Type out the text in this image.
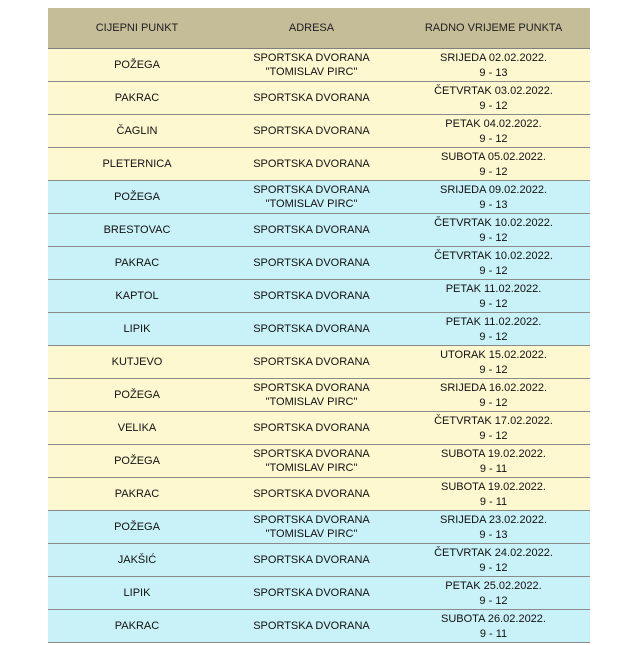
CIJEPNI PUNKT	ADRESA	RADNO VRIJEME PUNKTA
POŽEGA	SPORTSKA DVORANA "TOMISLAV PIRC"	SRIJEDA 02.02.2022.
9 - 13

PAKRAC	SPORTSKA DVORANA	ČETVRTAK 03.02.2022.
9 - 12

ČAGLIN	SPORTSKA DVORANA	PETAK 04.02.2022.
9 - 12

PLETERNICA	SPORTSKA DVORANA	SUBOTA 05.02.2022.
9 - 12

POŽEGA	SPORTSKA DVORANA "TOMISLAV PIRC"	SRIJEDA 09.02.2022.
9 - 13

BRESTOVAC	SPORTSKA DVORANA	ČETVRTAK 10.02.2022.
9 - 12

PAKRAC	SPORTSKA DVORANA	ČETVRTAK 10.02.2022.
9 - 12

KAPTOL	SPORTSKA DVORANA	PETAK 11.02.2022.
9 - 12

LIPIK	SPORTSKA DVORANA	PETAK 11.02.2022.
9 - 12

KUTJEVO	SPORTSKA DVORANA	UTORAK 15.02.2022.
9 - 12

POŽEGA	SPORTSKA DVORANA "TOMISLAV PIRC"	SRIJEDA 16.02.2022.
9 - 12

VELIKA	SPORTSKA DVORANA	ČETVRTAK 17.02.2022.
9 - 12

POŽEGA	SPORTSKA DVORANA "TOMISLAV PIRC"	SUBOTA 19.02.2022.
9 - 11

PAKRAC	SPORTSKA DVORANA	SUBOTA 19.02.2022.
9 - 11

POŽEGA	SPORTSKA DVORANA "TOMISLAV PIRC"	SRIJEDA 23.02.2022.
9 - 13

JAKŠIĆ	SPORTSKA DVORANA	ČETVRTAK 24.02.2022.
9 - 12

LIPIK	SPORTSKA DVORANA	PETAK 25.02.2022.
9 - 12

PAKRAC	SPORTSKA DVORANA	SUBOTA 26.02.2022.
9 - 11
